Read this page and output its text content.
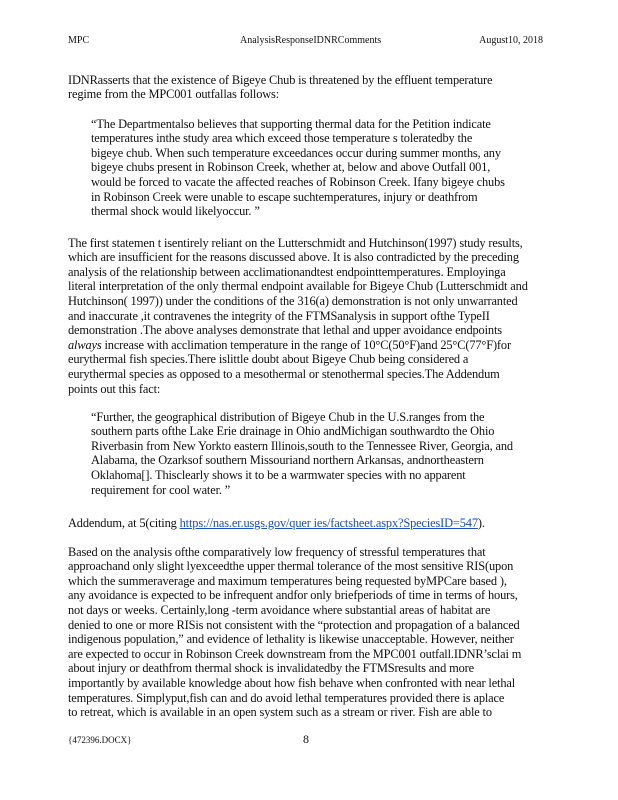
MPC	AnalysisResponseIDNRComments	August10, 2018
IDNRasserts that the existence of Bigeye Chub is threatened by the effluent temperature
regime from the MPC001 outfallas follows:
“The Departmentalso believes that supporting thermal data for the Petition indicate
temperatures inthe study area which exceed those temperature s toleratedby the
bigeye chub. When such temperature exceedances occur during summer months, any
bigeye chubs present in Robinson Creek, whether at, below and above Outfall 001,
would be forced to vacate the affected reaches of Robinson Creek. Ifany bigeye chubs
in Robinson Creek were unable to escape suchtemperatures, injury or deathfrom
thermal shock would likelyoccur. ”
The first statemen t isentirely reliant on the Lutterschmidt and Hutchinson(1997) study results,
which are insufficient for the reasons discussed above. It is also contradicted by the preceding
analysis of the relationship between acclimationandtest endpointtemperatures. Employinga
literal interpretation of the only thermal endpoint available for Bigeye Chub (Lutterschmidt and
Hutchinson( 1997)) under the conditions of the 316(a) demonstration is not only unwarranted
and inaccurate ,it contravenes the integrity of the FTMSanalysis in support ofthe TypeII
demonstration .The above analyses demonstrate that lethal and upper avoidance endpoints
always increase with acclimation temperature in the range of 10°C(50°F)and 25°C(77°F)for
eurythermal fish species.There islittle doubt about Bigeye Chub being considered a
eurythermal species as opposed to a mesothermal or stenothermal species.The Addendum
points out this fact:
“Further, the geographical distribution of Bigeye Chub in the U.S.ranges from the
southern parts ofthe Lake Erie drainage in Ohio andMichigan southwardto the Ohio
Riverbasin from New Yorkto eastern Illinois,south to the Tennessee River, Georgia, and
Alabama, the Ozarksof southern Missouriand northern Arkansas, andnortheastern
Oklahoma[]. Thisclearly shows it to be a warmwater species with no apparent
requirement for cool water. ”
Addendum, at 5(citing https://nas.er.usgs.gov/quer ies/factsheet.aspx?SpeciesID=547).
Based on the analysis ofthe comparatively low frequency of stressful temperatures that
approachand only slight lyexceedthe upper thermal tolerance of the most sensitive RIS(upon
which the summeraverage and maximum temperatures being requested byMPCare based ),
any avoidance is expected to be infrequent andfor only briefperiods of time in terms of hours,
not days or weeks. Certainly,long -term avoidance where substantial areas of habitat are
denied to one or more RISis not consistent with the “protection and propagation of a balanced
indigenous population,” and evidence of lethality is likewise unacceptable. However, neither
are expected to occur in Robinson Creek downstream from the MPC001 outfall.IDNR’sclai m
about injury or deathfrom thermal shock is invalidatedby the FTMSresults and more
importantly by available knowledge about how fish behave when confronted with near lethal
temperatures. Simplyput,fish can and do avoid lethal temperatures provided there is aplace
to retreat, which is available in an open system such as a stream or river. Fish are able to
{472396.DOCX}	8
